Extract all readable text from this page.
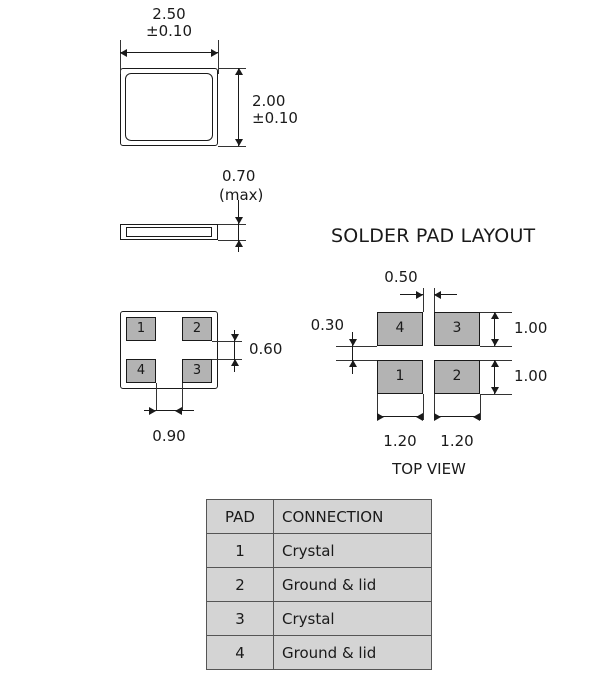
2.50
±0.10
2.00
±0.10
0.70
(max)
1	2
3
4
0.60
0.90
SOLDER PAD LAYOUT
4	3
1	2
0.50
0.30	1.00
1.00
1.20	1.20
TOP VIEW
PAD	CONNECTION
1	Crystal
2	Ground & lid
3	Crystal
4	Ground & lid
